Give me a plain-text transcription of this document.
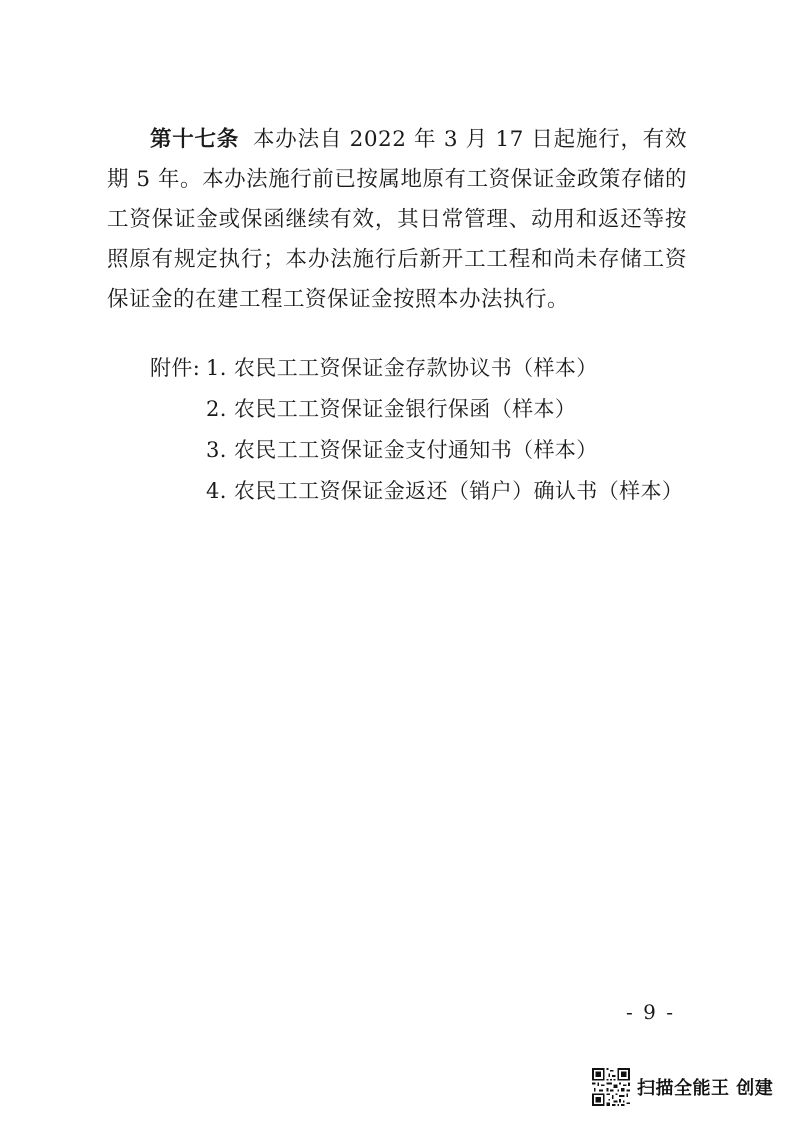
第十七条 本办法自 2022 年 3 月 17 日起施行，有效期 5 年。本办法施行前已按属地原有工资保证金政策存储的工资保证金或保函继续有效，其日常管理、动用和返还等按照原有规定执行；本办法施行后新开工工程和尚未存储工资保证金的在建工程工资保证金按照本办法执行。

附件: 1. 农民工工资保证金存款协议书（样本）
2. 农民工工资保证金银行保函（样本）
3. 农民工工资保证金支付通知书（样本）
4. 农民工工资保证金返还（销户）确认书（样本）
- 9 -
扫描全能王 创建
